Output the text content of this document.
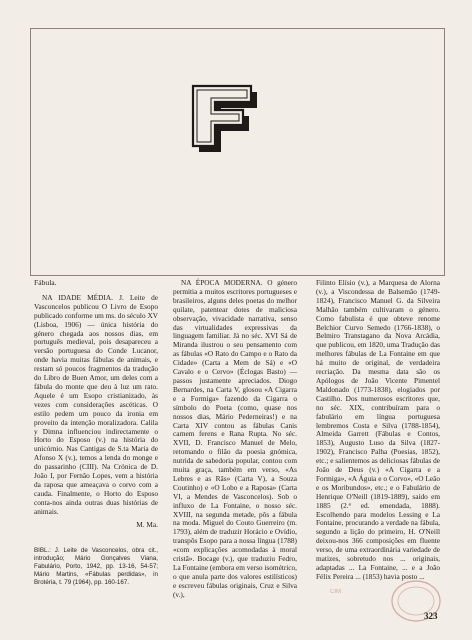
Fábula.

NA IDADE MÉDIA. J. Leite de Vasconcelos publicou O Livro de Esopo publicado conforme um ms. do século XV (Lisboa, 1906) — única história do género chegada aos nossos dias, em português medieval, pois desapareceu a versão portuguesa do Conde Lucanor, onde havia muitas fábulas de animais, e restam só poucos fragmentos da tradução do Libro de Buen Amor, um deles com a fábula do monte que deu à luz um rato. Aquele é um Esopo cristianizado, às vezes com considerações ascéticas. O estilo pedem um pouco da ironia em proveito da intenção moralizadora. Calila y Dimna influenciou indirectamente o Horto do Esposo (v.) na história do unicórnio. Nas Cantigas de S.ta Maria de Afonso X (v.), temos a lenda do monge e do passarinho (CIII). Na Crónica de D. João I, por Fernão Lopes, vem a história da raposa que ameaçava o corvo com a cauda. Finalmente, o Horto do Esposo conta-nos ainda outras duas histórias de animais.

M. Ma.

BIBL.: J. Leite de Vasconcelos, obra cit., introdução; Mário Gonçalves Viana, Fabulário, Porto, 1942, pp. 13-16, 54-57; Mário Martins, «Fábulas perdidas», in Brotéria, t. 79 (1964), pp. 160-167.

NA ÉPOCA MODERNA. O género permitia a muitos escritores portugueses e brasileiros, alguns deles poetas do melhor quilate, patentear dotes de maliciosa observação, vivacidade narrativa, senso das virtualidades expressivas da linguagem familiar. Já no séc. XVI Sá de Miranda ilustrou o seu pensamento com as fábulas «O Rato do Campo e o Rato da Cidade» (Carta a Mem de Sá) e «O Cavalo e o Cervo» (Éclogas Basto) — passos justamente apreciados. Diogo Bernardes, na Carta V, glosou «A Cigarra e a Formiga» fazendo da Cigarra o símbolo do Poeta (como, quase nos nossos dias, Mário Pederneiras!) e na Carta XIV contou as fábulas Canis carnem ferens e Rana Rupta. No séc. XVII, D. Francisco Manuel de Melo, retomando o filão da poesia gnómica, nutrida de sabedoria popular, contou com muita graça, também em verso, «As Lebres e as Rãs» (Carta V), a Souza Coutinho) e «O Lobo e a Raposa» (Carta VI, a Mendes de Vasconcelos). Sob o influxo de La Fontaine, o nosso séc. XVIII, na segunda metade, pôs a fábula na moda. Miguel do Couto Guerreiro (m. 1793), além de traduzir Horácio e Ovídio, transpôs Esopo para a nossa língua (1788) «com explicações acomodadas à moral cristã». Bocage (v.), que traduziu Fedro, La Fontaine (embora em verso isométrico, o que anula parte dos valores estilísticos) e escreveu fábulas originais, Cruz e Silva (v.),

Filinto Elísio (v.), a Marquesa de Alorna (v.), a Viscondessa de Balsemão (1749-1824), Francisco Manuel G. da Silveira Malhão também cultivaram o género. Como fabulista é que obteve renome Belchior Curvo Semedo (1766-1838), o Belmiro Transtagano da Nova Arcádia, que publicou, em 1820, uma Tradução das melhores fábulas de La Fontaine em que há muito de original, de verdadeira recriação. Da mesma data são os Apólogos de João Vicente Pimentel Maldonado (1773-1838), elogiados por Castilho. Dos numerosos escritores que, no séc. XIX, contribuíram para o fabulário em língua portuguesa lembremos Costa e Silva (1788-1854), Almeida Garrett (Fábulas e Contos, 1853), Augusto Luso da Silva (1827-1902), Francisco Palha (Poesias, 1852), etc.; e salientemos as deliciosas fábulas de João de Deus (v.) «A Cigarra e a Formiga», «A Águia e o Corvo», «O Leão e os Moribundos», etc.; e o Fabulário de Henrique O'Neill (1819-1889), saído em 1885 (2.ª ed. emendada, 1888). Escolhendo para modelos Lessing e La Fontaine, procurando a verdade na fábula, segundo a lição do primeiro, H. O'Neill deixou-nos 366 composições em fluente verso, de uma extraordinária variedade de matizes, sobretudo nos ... originais, adaptadas ... La Fontaine, ... e a João Félix Pereira ... (1853) havia posto ...

CIM
323
